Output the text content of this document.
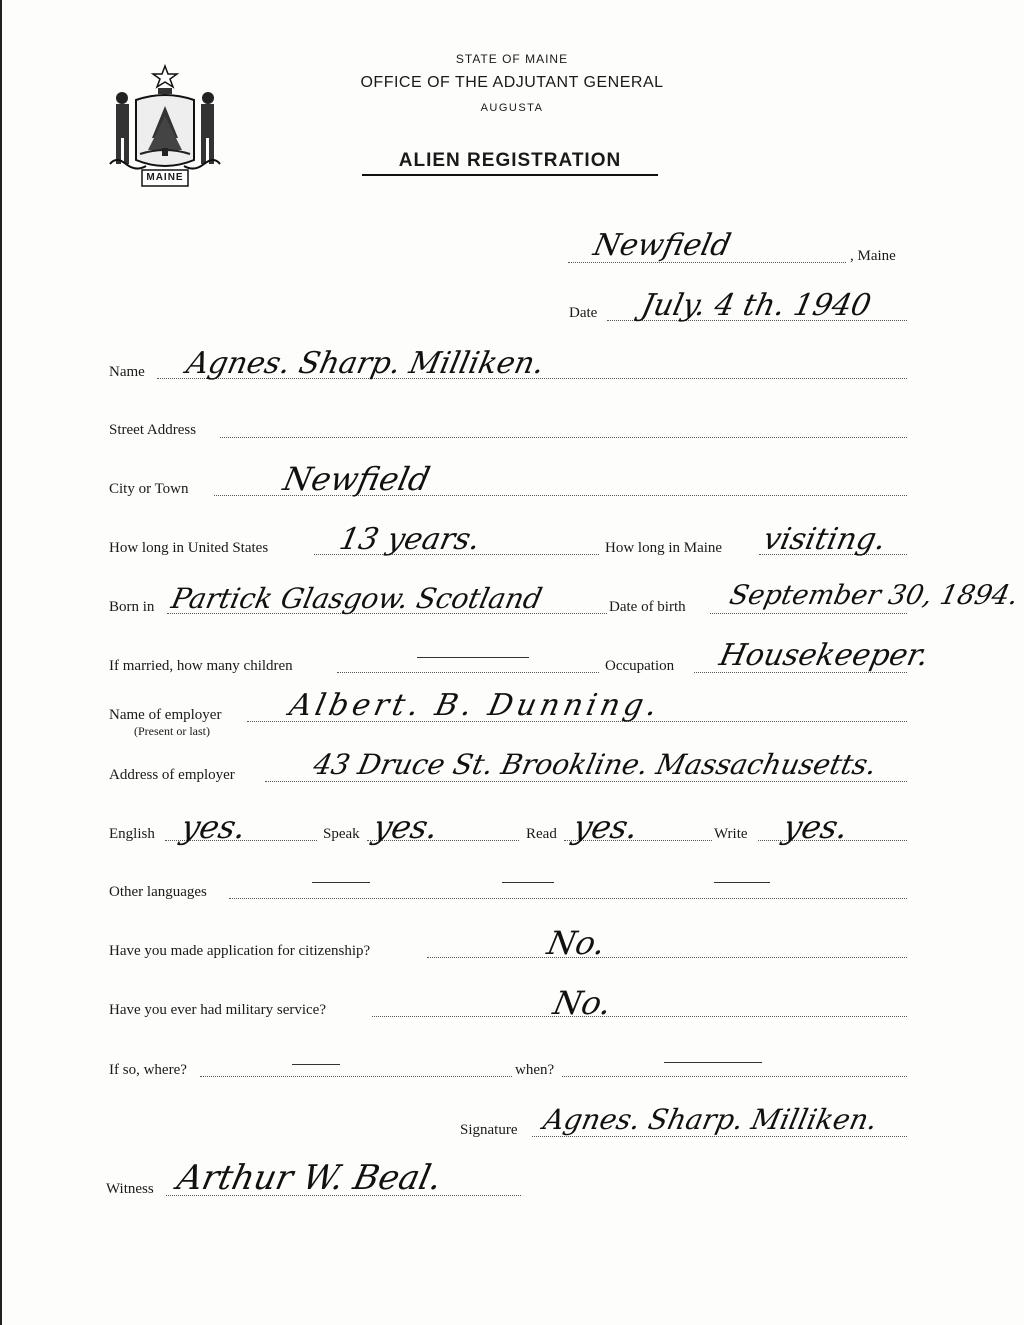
MAINE
STATE OF MAINE
OFFICE OF THE ADJUTANT GENERAL
AUGUSTA
ALIEN REGISTRATION
Newfield	, Maine
Date July. 4 th. 1940
Name Agnes. Sharp. Milliken.
Street Address
City or Town	Newfield
How long in United States 13 years.	How long in Maine visiting.
Born in Partick Glasgow. Scotland	Date of birth September 30, 1894.
If married, how many children	Occupation Housekeeper.
Name of employer
(Present or last)
Albert. B. Dunning.
Address of employer	43 Druce St. Brookline. Massachusetts.
English yes.	Speak yes.	Read yes.	Write yes.
Other languages
Have you made application for citizenship?	No.
Have you ever had military service?	No.
If so, where?	when?
Signature Agnes. Sharp. Milliken.
Witness Arthur W. Beal.
